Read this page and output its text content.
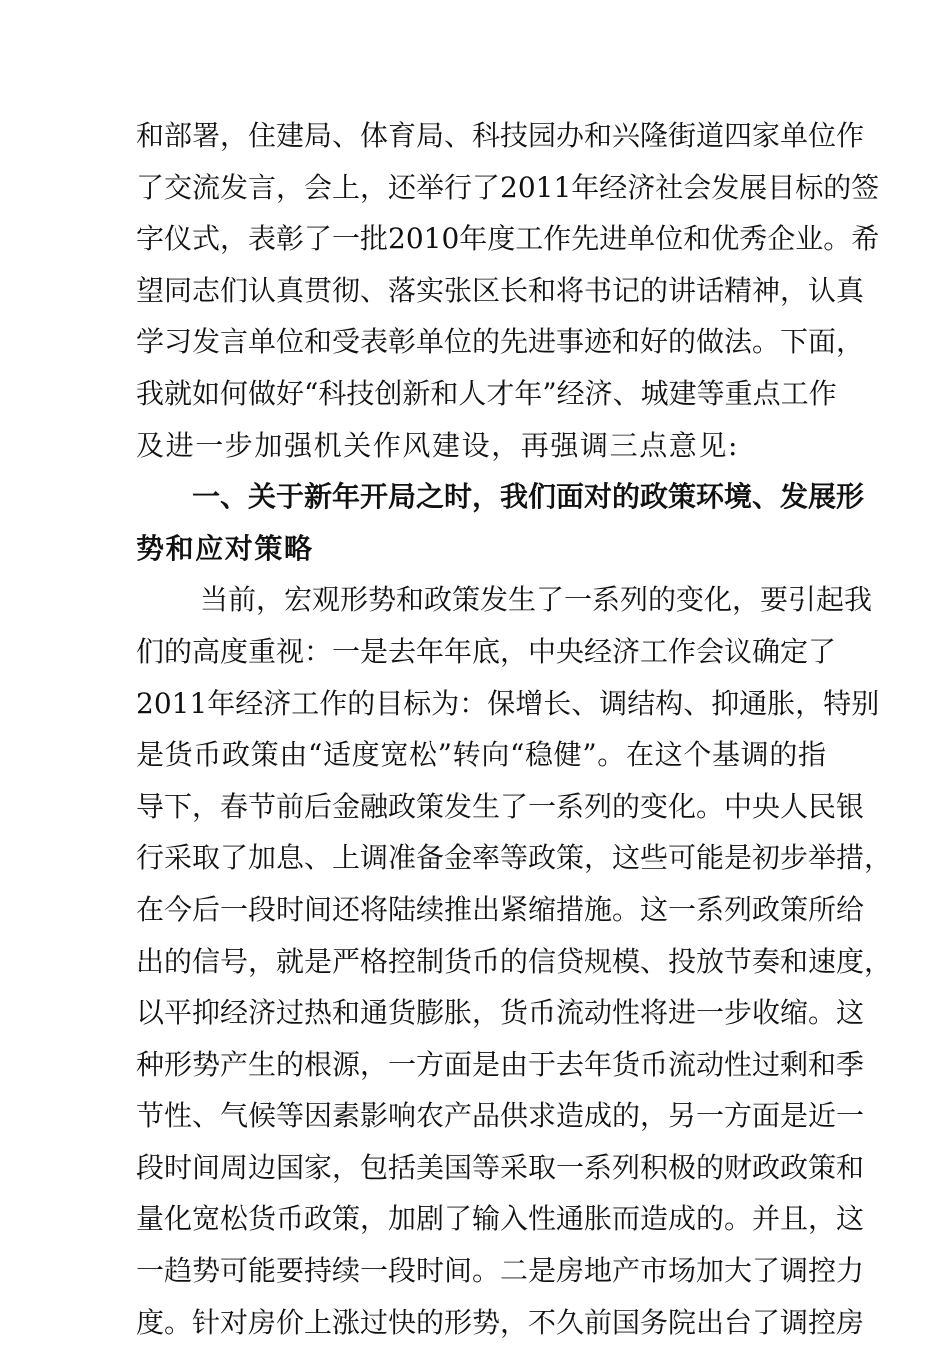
和部署，住建局、体育局、科技园办和兴隆街道四家单位作
了交流发言，会上，还举行了2011年经济社会发展目标的签
字仪式，表彰了一批2010年度工作先进单位和优秀企业。希
望同志们认真贯彻、落实张区长和将书记的讲话精神，认真
学习发言单位和受表彰单位的先进事迹和好的做法。下面，
我就如何做好“科技创新和人才年”经济、城建等重点工作
及进一步加强机关作风建设，再强调三点意见:
一、关于新年开局之时，我们面对的政策环境、发展形
势和应对策略
当前，宏观形势和政策发生了一系列的变化，要引起我
们的高度重视：一是去年年底，中央经济工作会议确定了
2011年经济工作的目标为：保增长、调结构、抑通胀，特别
是货币政策由“适度宽松”转向“稳健”。在这个基调的指
导下，春节前后金融政策发生了一系列的变化。中央人民银
行采取了加息、上调准备金率等政策，这些可能是初步举措，
在今后一段时间还将陆续推出紧缩措施。这一系列政策所给
出的信号，就是严格控制货币的信贷规模、投放节奏和速度，
以平抑经济过热和通货膨胀，货币流动性将进一步收缩。这
种形势产生的根源，一方面是由于去年货币流动性过剩和季
节性、气候等因素影响农产品供求造成的，另一方面是近一
段时间周边国家，包括美国等采取一系列积极的财政政策和
量化宽松货币政策，加剧了输入性通胀而造成的。并且，这
一趋势可能要持续一段时间。二是房地产市场加大了调控力
度。针对房价上涨过快的形势，不久前国务院出台了调控房
